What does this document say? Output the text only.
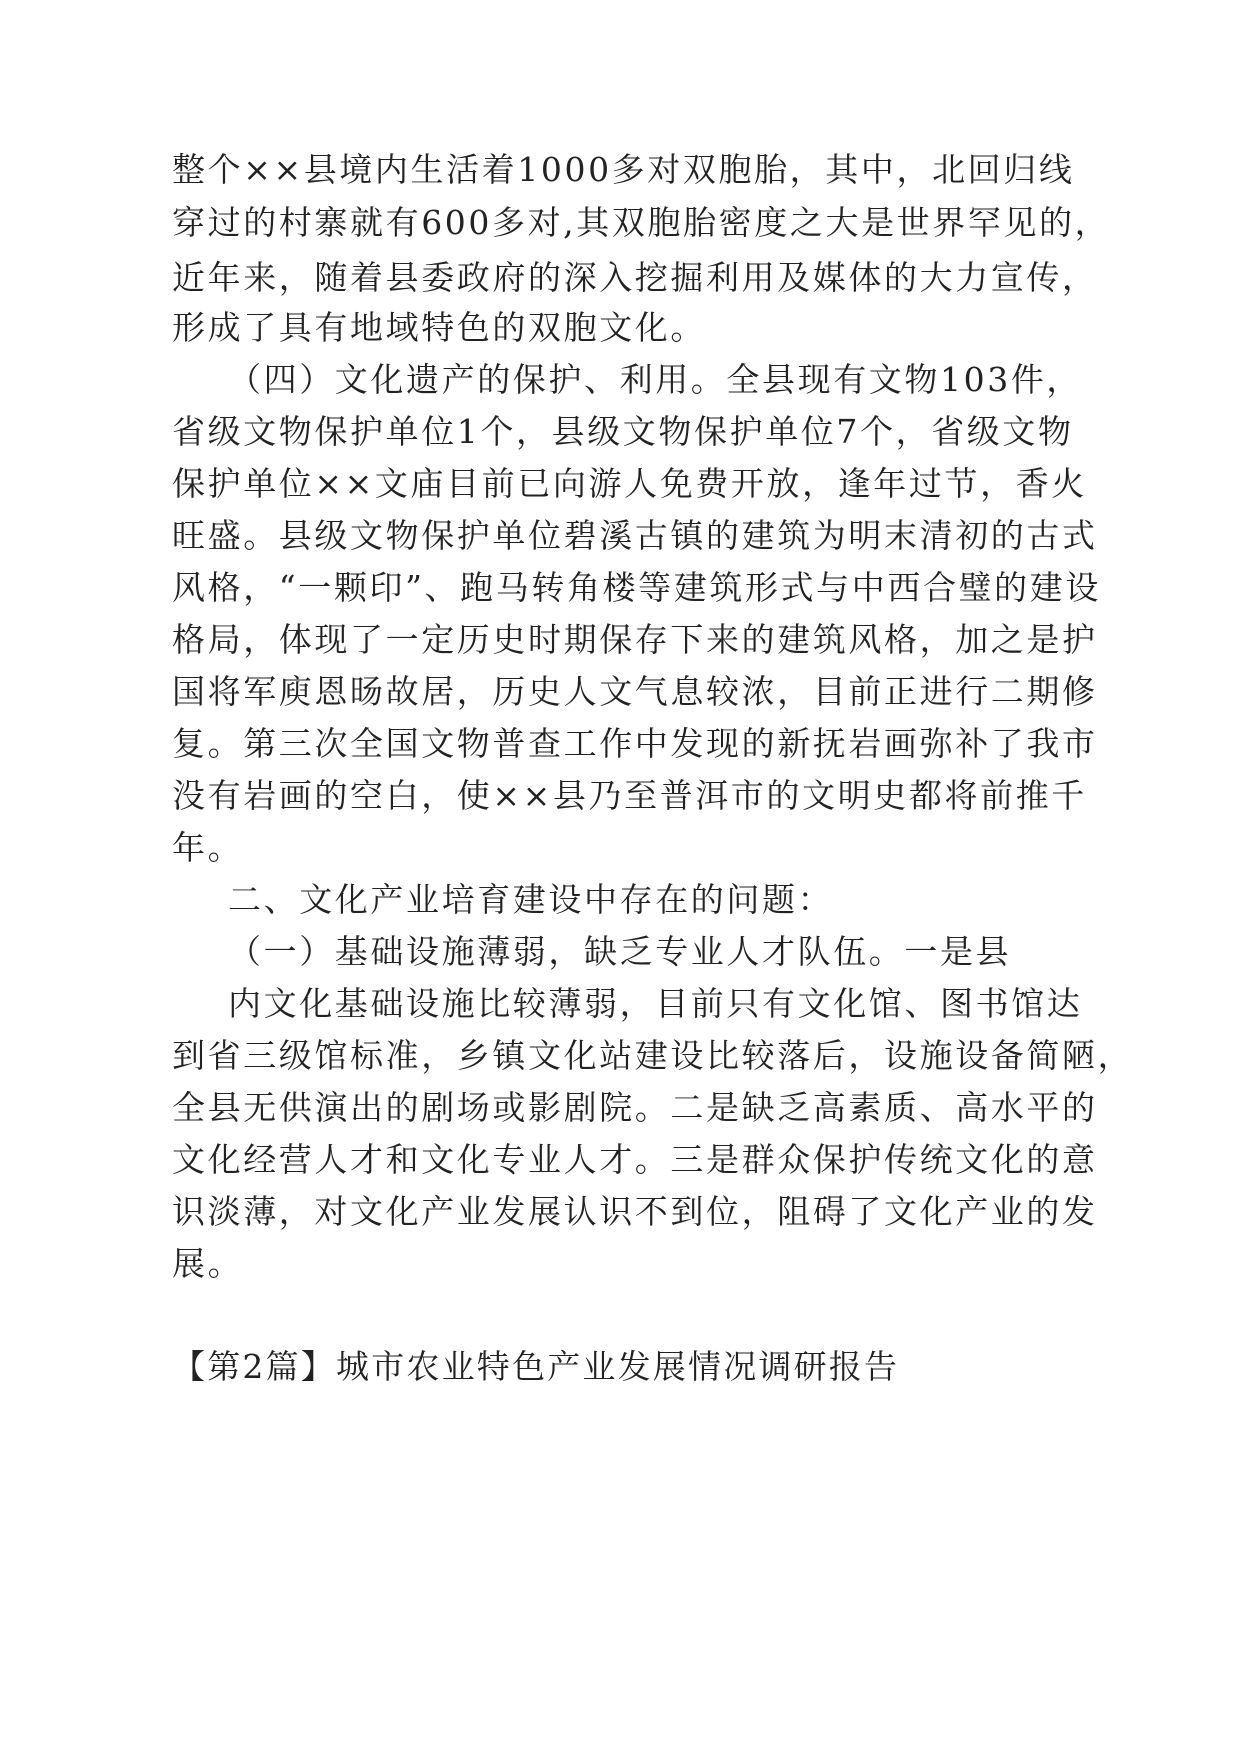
整个××县境内生活着1000多对双胞胎，其中，北回归线
穿过的村寨就有600多对,其双胞胎密度之大是世界罕见的，
近年来，随着县委政府的深入挖掘利用及媒体的大力宣传，
形成了具有地域特色的双胞文化。
（四）文化遗产的保护、利用。全县现有文物103件，
省级文物保护单位1个，县级文物保护单位7个，省级文物
保护单位××文庙目前已向游人免费开放，逢年过节，香火
旺盛。县级文物保护单位碧溪古镇的建筑为明末清初的古式
风格，“一颗印”、跑马转角楼等建筑形式与中西合璧的建设
格局，体现了一定历史时期保存下来的建筑风格，加之是护
国将军庾恩旸故居，历史人文气息较浓，目前正进行二期修
复。第三次全国文物普查工作中发现的新抚岩画弥补了我市
没有岩画的空白，使××县乃至普洱市的文明史都将前推千
年。
二、文化产业培育建设中存在的问题：
（一）基础设施薄弱，缺乏专业人才队伍。一是县
内文化基础设施比较薄弱，目前只有文化馆、图书馆达
到省三级馆标准，乡镇文化站建设比较落后，设施设备简陋，
全县无供演出的剧场或影剧院。二是缺乏高素质、高水平的
文化经营人才和文化专业人才。三是群众保护传统文化的意
识淡薄，对文化产业发展认识不到位，阻碍了文化产业的发
展。
【第2篇】城市农业特色产业发展情况调研报告
